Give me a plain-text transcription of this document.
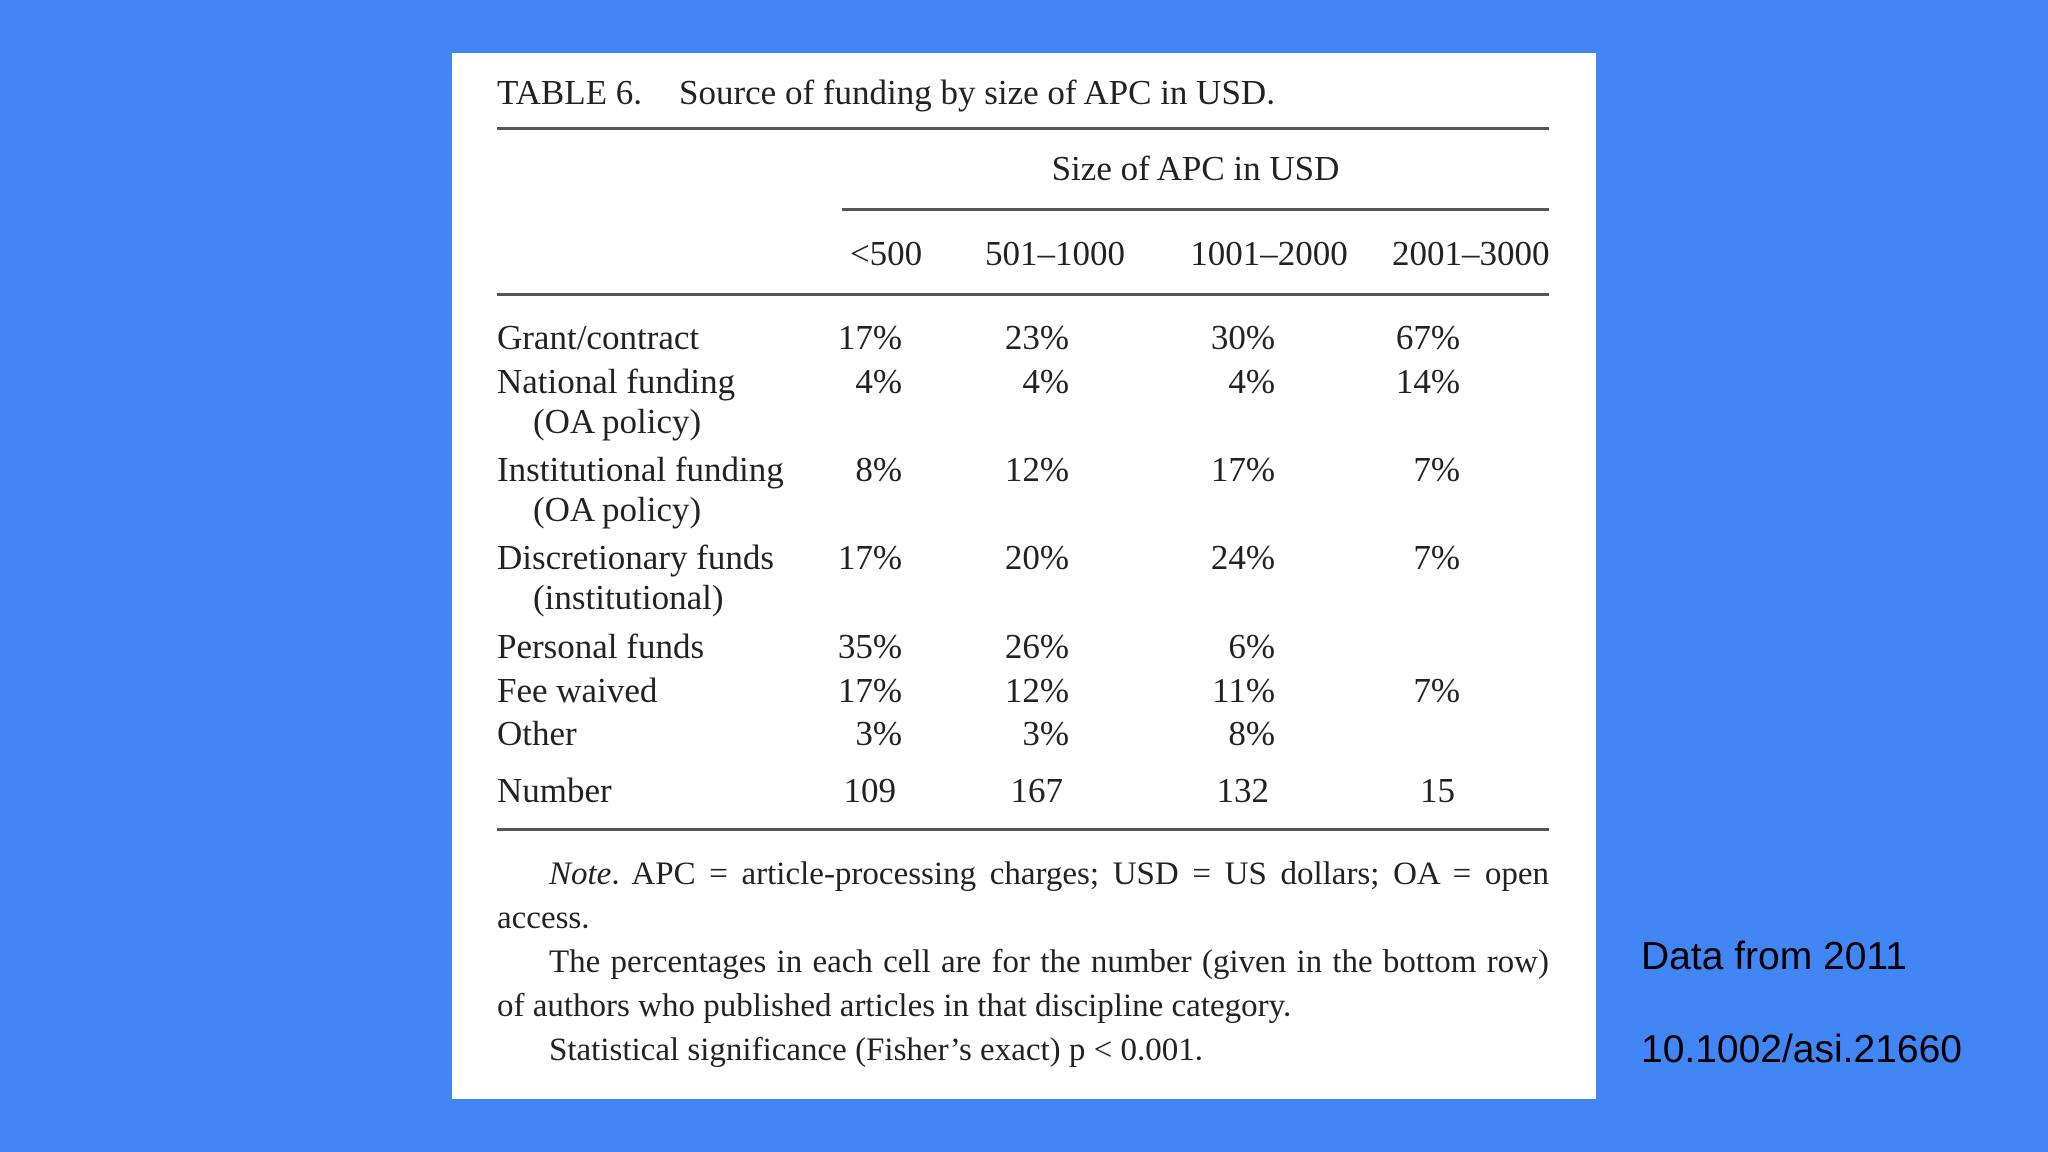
TABLE 6. Source of funding by size of APC in USD.
Size of APC in USD
<500 501–1000 1001–2000 2001–3000
Grant/contract	17%	23%	30%	67%
National funding
(OA policy)
4%	4%	4%	14%
Institutional funding
(OA policy)
8%	12%	17%	7%
Discretionary funds
(institutional)
17%	20%	24%	7%
Personal funds	35%	26%	6%
Fee waived	17%	12%	11%	7%
Other	3%	3%	8%
Number	109	167	132	15

Note. APC = article-processing charges; USD = US dollars; OA = open access.

The percentages in each cell are for the number (given in the bottom row) of authors who published articles in that discipline category.

Statistical significance (Fisher’s exact) p < 0.001.

Data from 2011
10.1002/asi.21660
